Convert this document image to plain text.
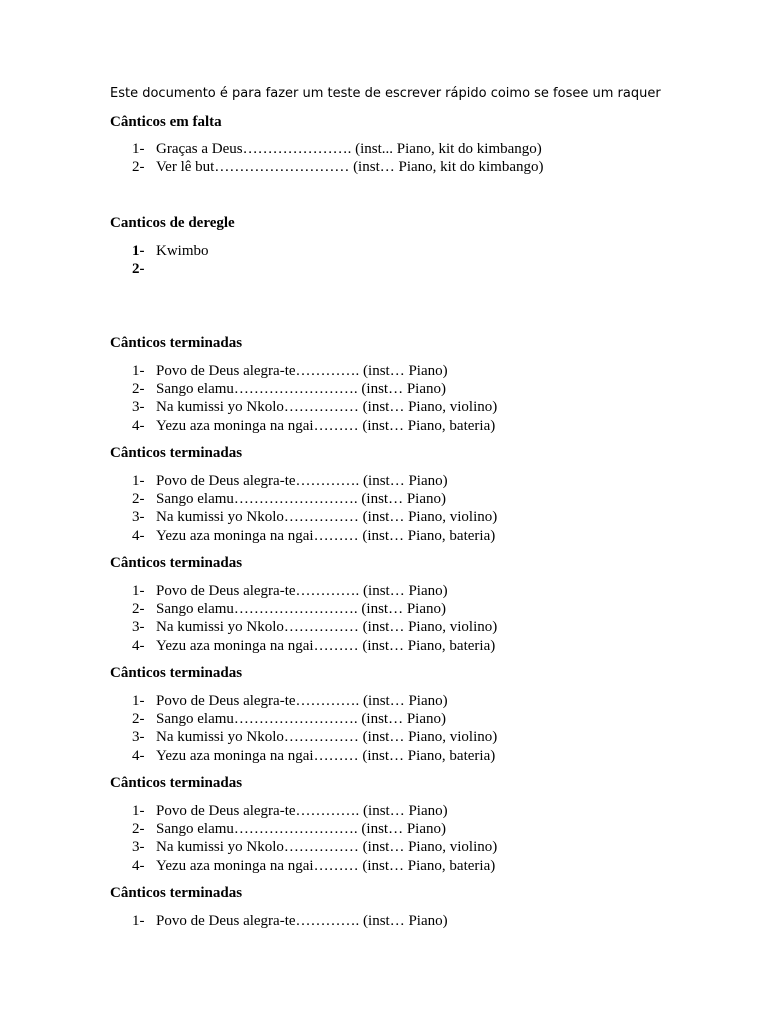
Este documento é para fazer um teste de escrever rápido coimo se fosee um raquer
Cânticos em falta
1- Graças a Deus…………………. (inst... Piano, kit do kimbango)
2- Ver lê but……………………… (inst… Piano, kit do kimbango)
Canticos de deregle
1- Kwimbo
2-
Cânticos terminadas
1- Povo de Deus alegra-te…………. (inst… Piano)
2- Sango elamu……………………. (inst… Piano)
3- Na kumissi yo Nkolo…………… (inst… Piano, violino)
4- Yezu aza moninga na ngai……… (inst… Piano, bateria)
Cânticos terminadas
1- Povo de Deus alegra-te…………. (inst… Piano)
2- Sango elamu……………………. (inst… Piano)
3- Na kumissi yo Nkolo…………… (inst… Piano, violino)
4- Yezu aza moninga na ngai……… (inst… Piano, bateria)
Cânticos terminadas
1- Povo de Deus alegra-te…………. (inst… Piano)
2- Sango elamu……………………. (inst… Piano)
3- Na kumissi yo Nkolo…………… (inst… Piano, violino)
4- Yezu aza moninga na ngai……… (inst… Piano, bateria)
Cânticos terminadas
1- Povo de Deus alegra-te…………. (inst… Piano)
2- Sango elamu……………………. (inst… Piano)
3- Na kumissi yo Nkolo…………… (inst… Piano, violino)
4- Yezu aza moninga na ngai……… (inst… Piano, bateria)
Cânticos terminadas
1- Povo de Deus alegra-te…………. (inst… Piano)
2- Sango elamu……………………. (inst… Piano)
3- Na kumissi yo Nkolo…………… (inst… Piano, violino)
4- Yezu aza moninga na ngai……… (inst… Piano, bateria)
Cânticos terminadas
1- Povo de Deus alegra-te…………. (inst… Piano)
